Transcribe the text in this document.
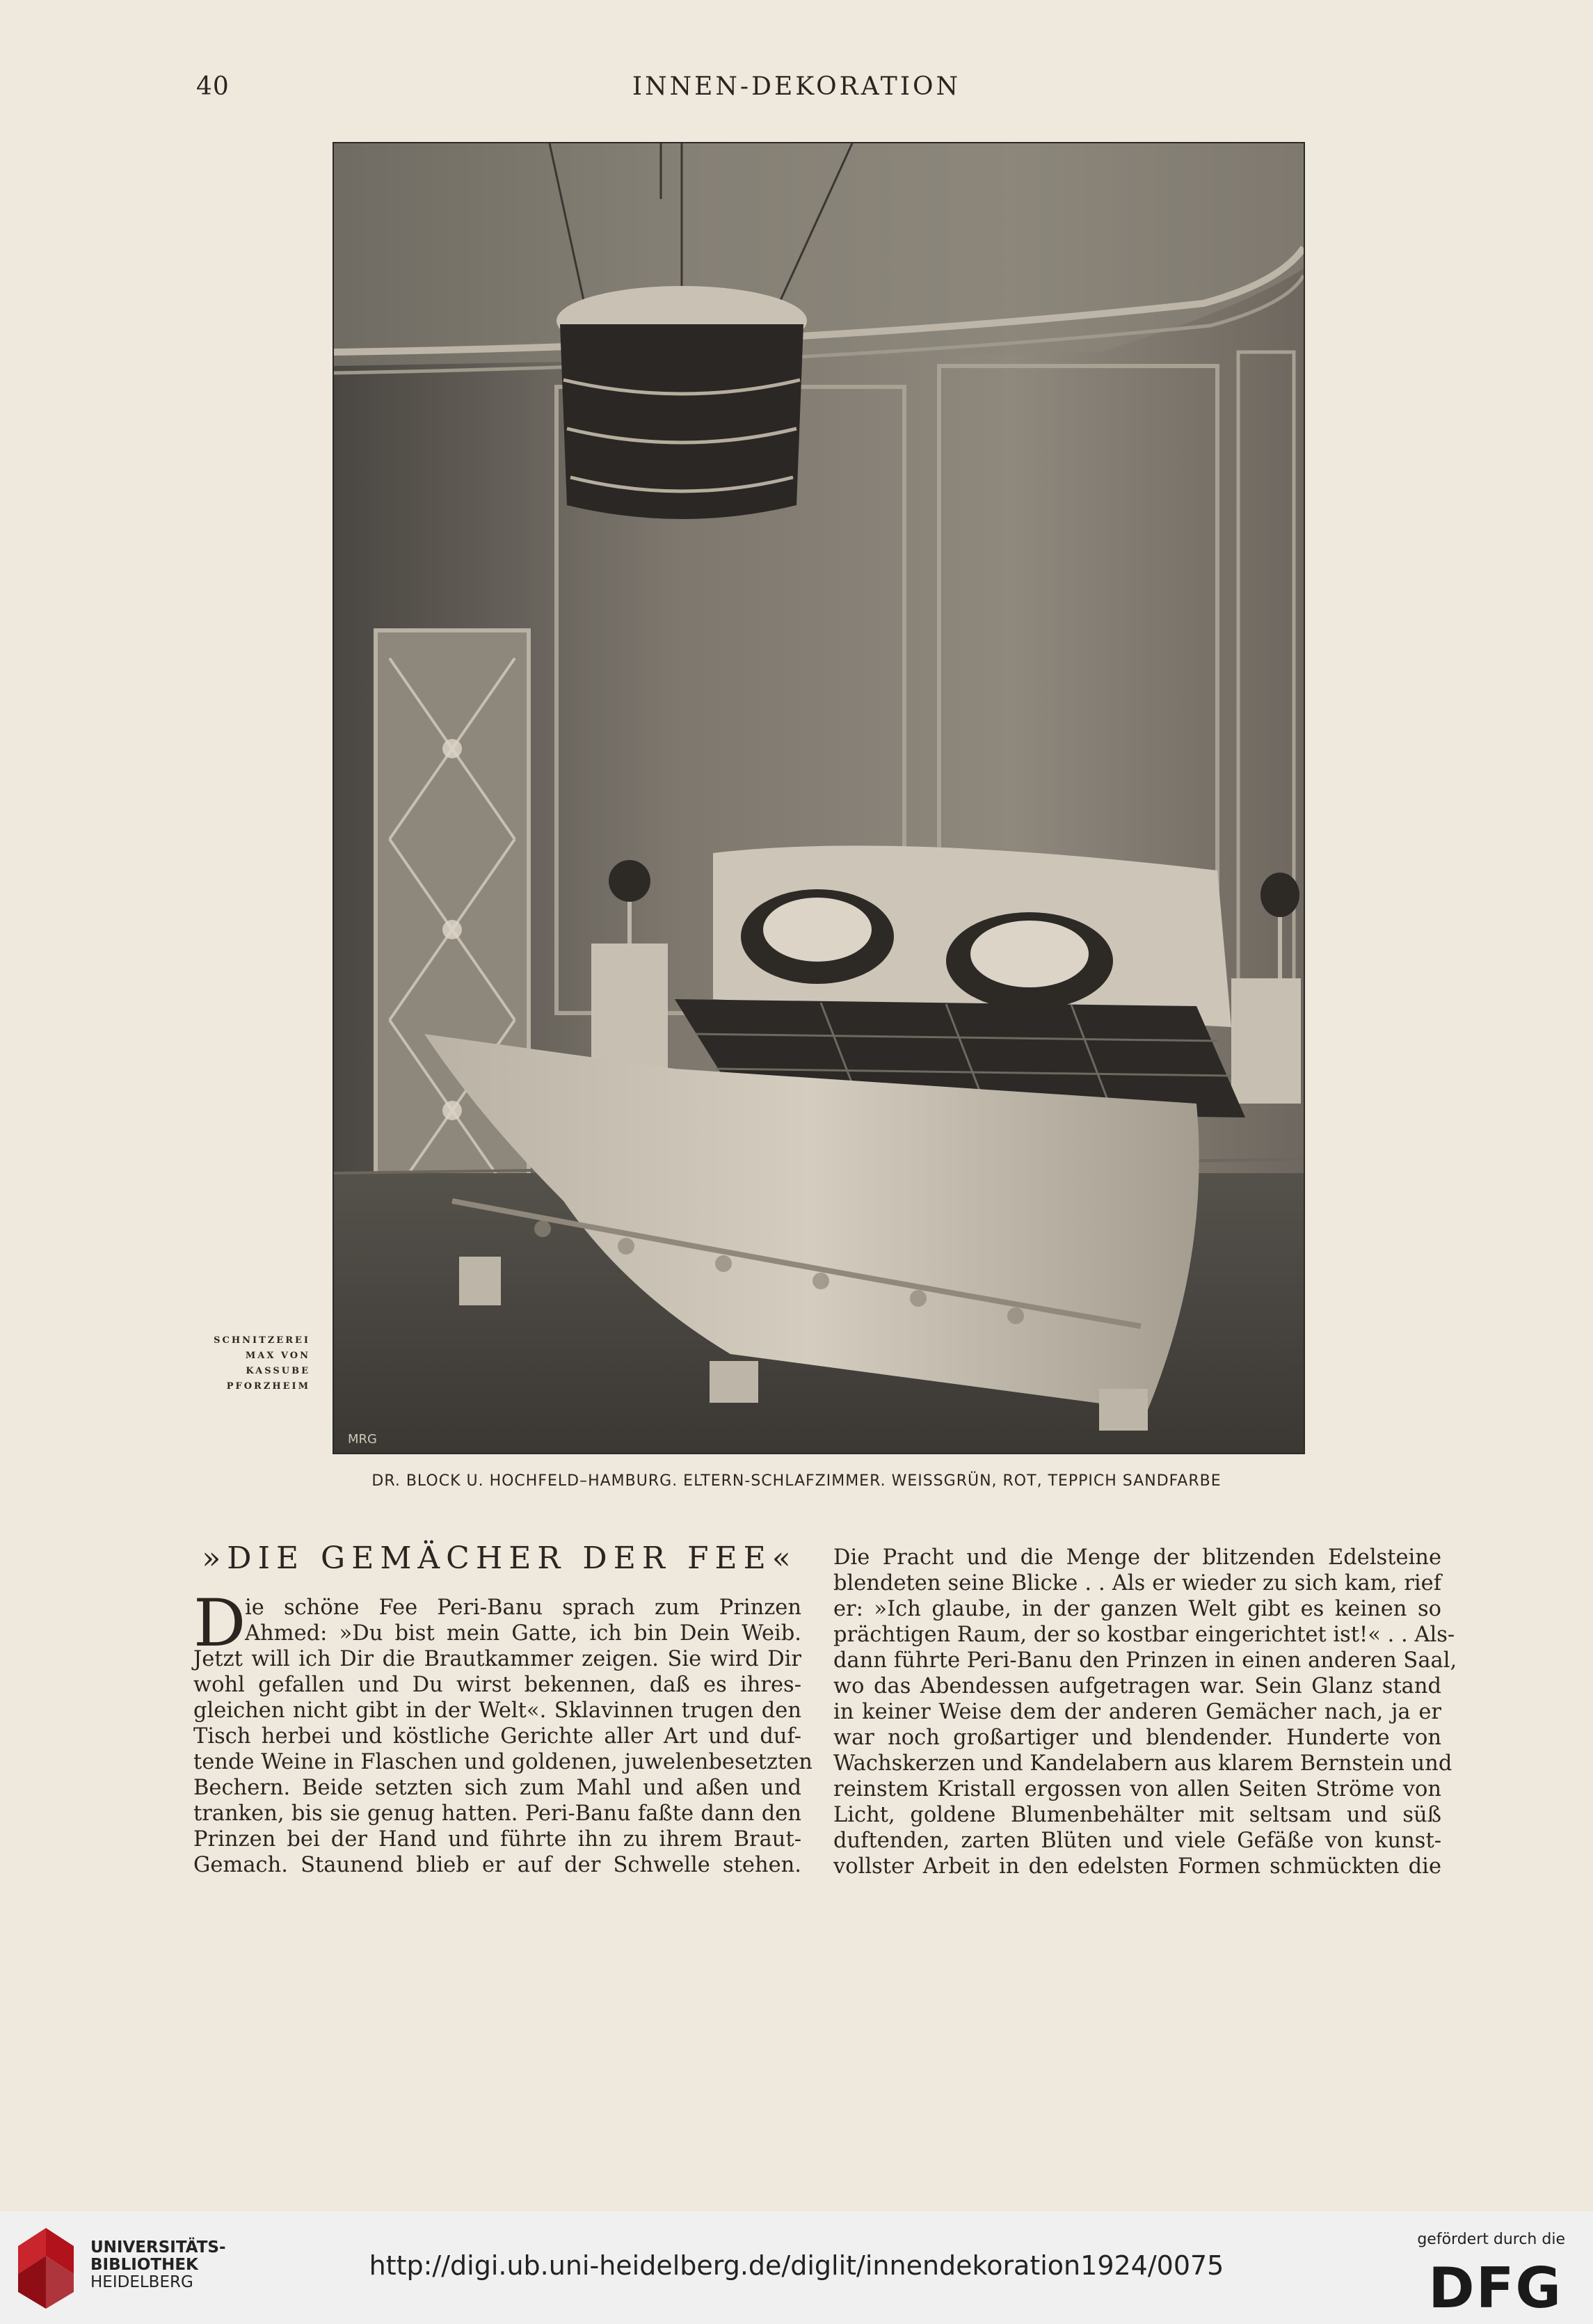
40	INNEN-DEKORATION
MRG
SCHNITZEREI
MAX VON
KASSUBE
PFORZHEIM
DR. BLOCK U. HOCHFELD–HAMBURG. ELTERN-SCHLAFZIMMER. WEISSGRÜN, ROT, TEPPICH SANDFARBE
»DIE GEMÄCHER DER FEE«
D
ie schöne Fee Peri-Banu sprach zum Prinzen
Ahmed: »Du bist mein Gatte, ich bin Dein Weib.
Jetzt will ich Dir die Brautkammer zeigen. Sie wird Dir
wohl gefallen und Du wirst bekennen, daß es ihres-
gleichen nicht gibt in der Welt«. Sklavinnen trugen den
Tisch herbei und köstliche Gerichte aller Art und duf-
tende Weine in Flaschen und goldenen, juwelenbesetzten
Bechern. Beide setzten sich zum Mahl und aßen und
tranken, bis sie genug hatten. Peri-Banu faßte dann den
Prinzen bei der Hand und führte ihn zu ihrem Braut-
Gemach. Staunend blieb er auf der Schwelle stehen.
Die Pracht und die Menge der blitzenden Edelsteine
blendeten seine Blicke . . Als er wieder zu sich kam, rief
er: »Ich glaube, in der ganzen Welt gibt es keinen so
prächtigen Raum, der so kostbar eingerichtet ist!« . . Als-
dann führte Peri-Banu den Prinzen in einen anderen Saal,
wo das Abendessen aufgetragen war. Sein Glanz stand
in keiner Weise dem der anderen Gemächer nach, ja er
war noch großartiger und blendender. Hunderte von
Wachskerzen und Kandelabern aus klarem Bernstein und
reinstem Kristall ergossen von allen Seiten Ströme von
Licht, goldene Blumenbehälter mit seltsam und süß
duftenden, zarten Blüten und viele Gefäße von kunst-
vollster Arbeit in den edelsten Formen schmückten die
UNIVERSITÄTS-
BIBLIOTHEK
HEIDELBERG
http://digi.ub.uni-heidelberg.de/diglit/innendekoration1924/0075
gefördert durch die
DFG
